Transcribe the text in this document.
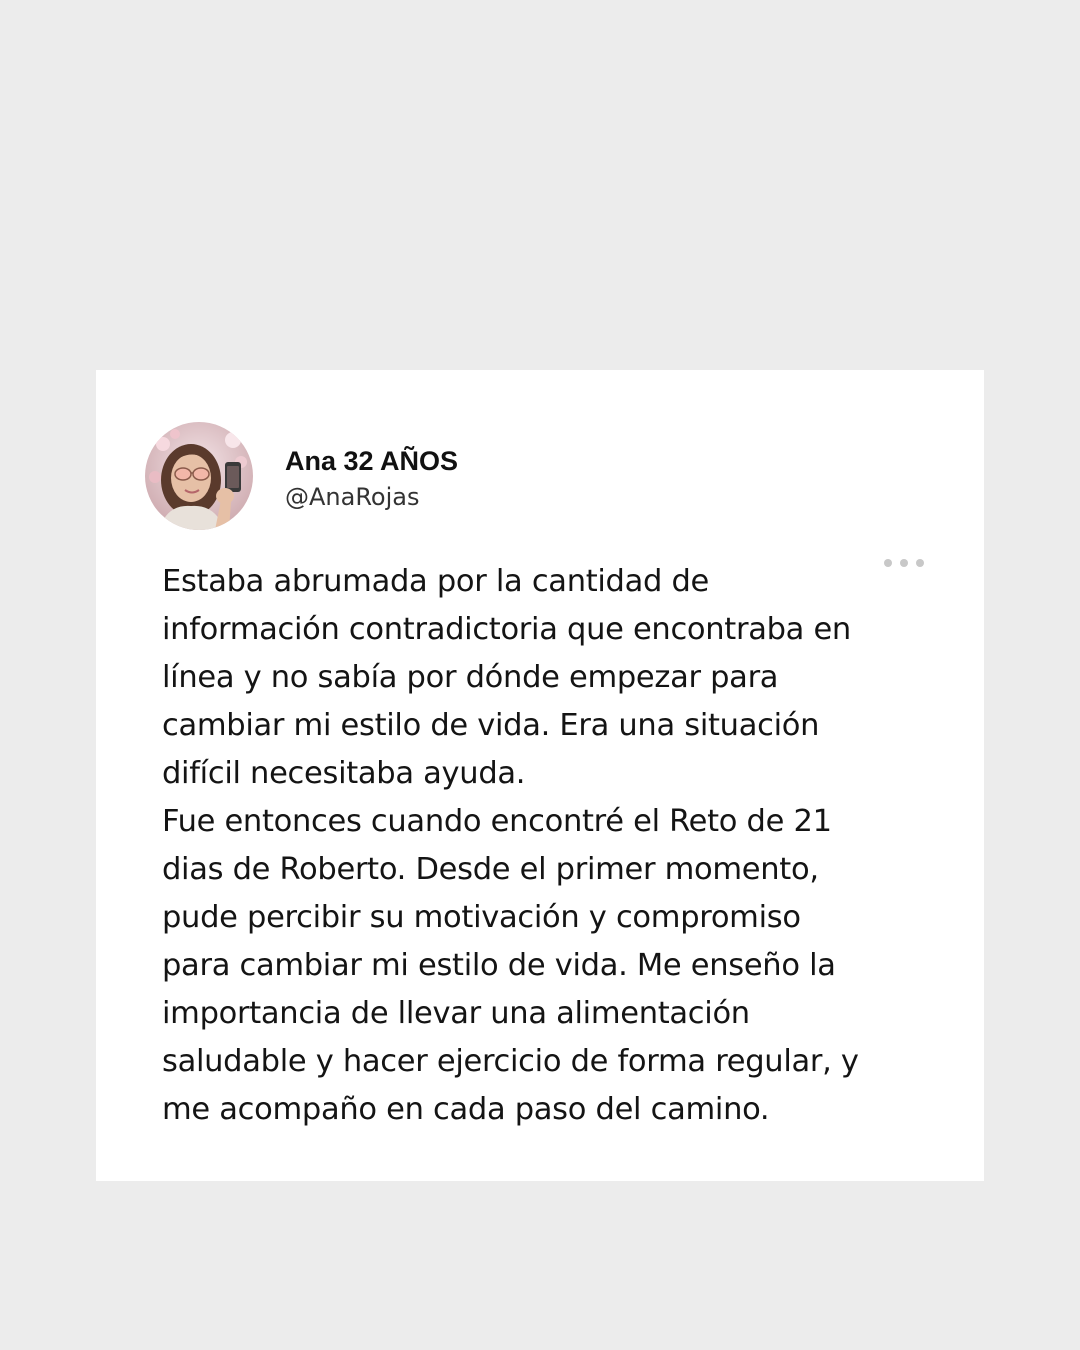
Ana 32 AÑOS
@AnaRojas
Estaba abrumada por la cantidad de
información contradictoria que encontraba en
línea y no sabía por dónde empezar para
cambiar mi estilo de vida. Era una situación
difícil necesitaba ayuda.
Fue entonces cuando encontré el Reto de 21
dias de Roberto. Desde el primer momento,
pude percibir su motivación y compromiso
para cambiar mi estilo de vida. Me enseño la
importancia de llevar una alimentación
saludable y hacer ejercicio de forma regular, y
me acompaño en cada paso del camino.
